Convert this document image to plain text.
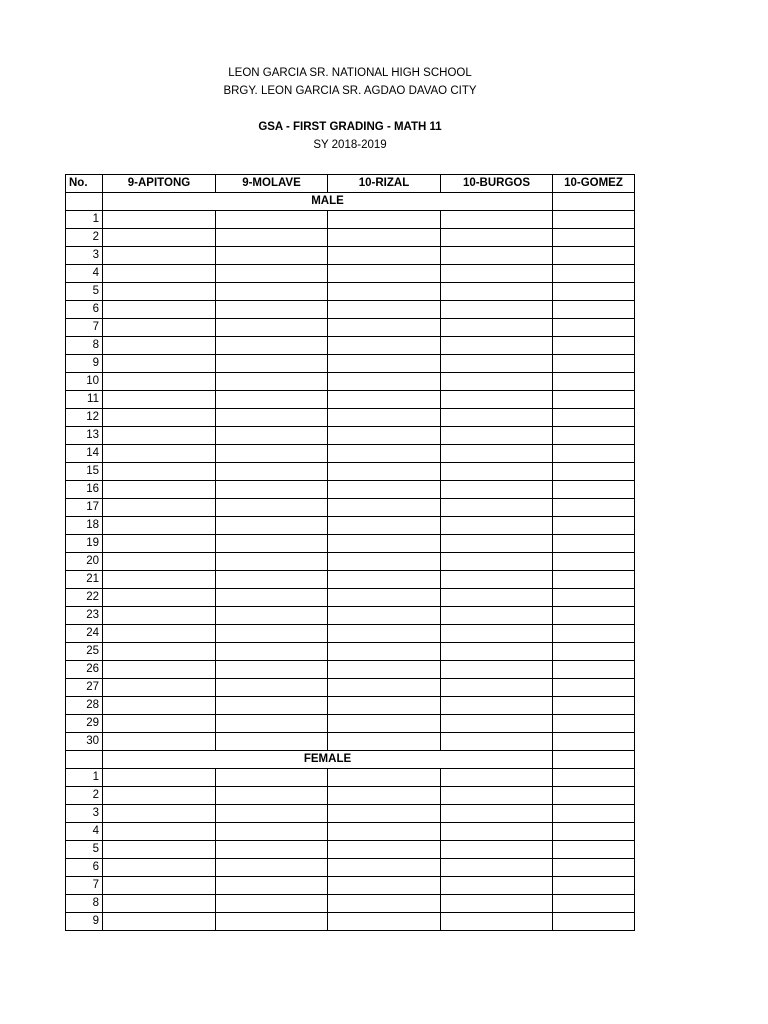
LEON GARCIA SR. NATIONAL HIGH SCHOOL
BRGY. LEON GARCIA SR. AGDAO DAVAO CITY
GSA - FIRST GRADING - MATH 11
SY 2018-2019
No.	9-APITONG	9-MOLAVE	10-RIZAL	10-BURGOS	10-GOMEZ
	MALE				
1					
2					
3					
4					
5					
6					
7					
8					
9					
10					
11					
12					
13					
14					
15					
16					
17					
18					
19					
20					
21					
22					
23					
24					
25					
26					
27					
28					
29					
30					
	FEMALE				
1					
2					
3					
4					
5					
6					
7					
8					
9					
